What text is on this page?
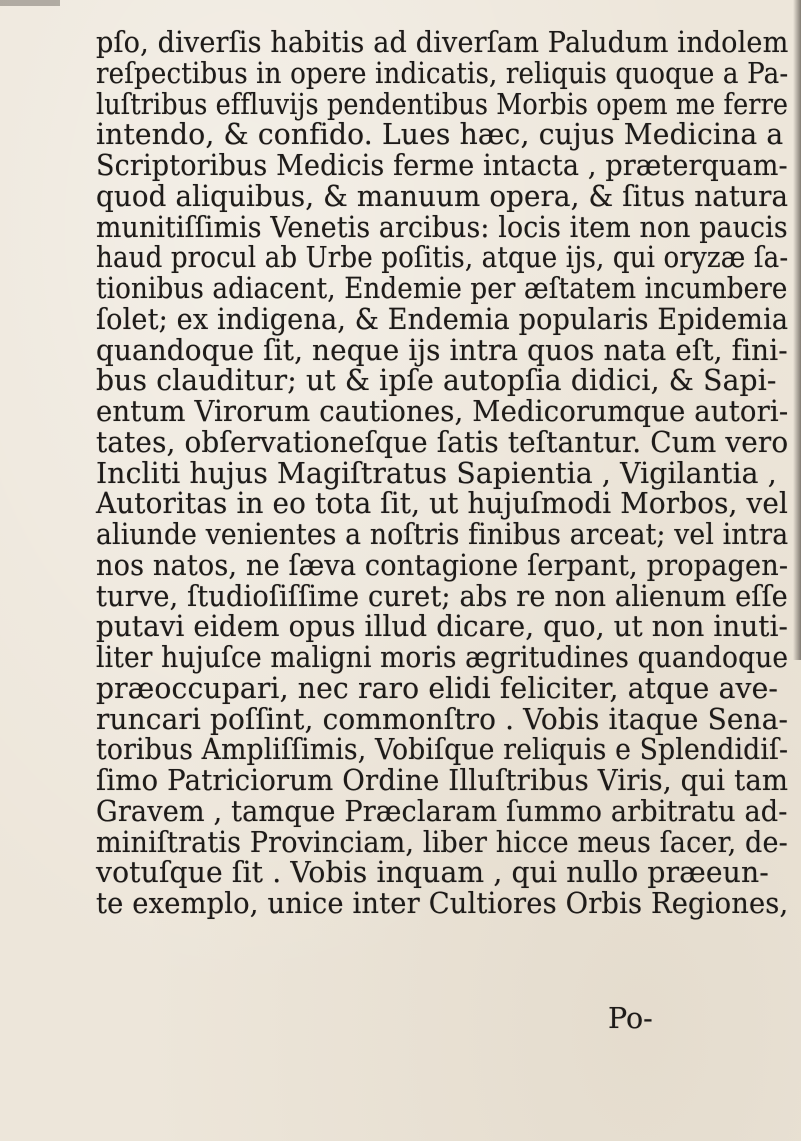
pſo, diverſis habitis ad diverſam Paludum indolem
reſpectibus in opere indicatis, reliquis quoque a Pa-
luſtribus effluvijs pendentibus Morbis opem me ferre
intendo, & confido. Lues hæc, cujus Medicina a
Scriptoribus Medicis ferme intacta , præterquam-
quod aliquibus, & manuum opera, & ſitus natura
munitiſſimis Venetis arcibus: locis item non paucis
haud procul ab Urbe poſitis, atque ijs, qui oryzæ ſa-
tionibus adiacent, Endemie per æſtatem incumbere
ſolet; ex indigena, & Endemia popularis Epidemia
quandoque ſit, neque ijs intra quos nata eſt, fini-
bus clauditur; ut & ipſe autopſia didici, & Sapi-
entum Virorum cautiones, Medicorumque autori-
tates, obſervationeſque ſatis teſtantur. Cum vero
Incliti hujus Magiſtratus Sapientia , Vigilantia ,
Autoritas in eo tota ſit, ut hujuſmodi Morbos, vel
aliunde venientes a noſtris finibus arceat; vel intra
nos natos, ne ſæva contagione ſerpant, propagen-
turve, ſtudioſiſſime curet; abs re non alienum eſſe
putavi eidem opus illud dicare, quo, ut non inuti-
liter hujuſce maligni moris ægritudines quandoque
præoccupari, nec raro elidi feliciter, atque ave-
runcari poſſint, commonſtro . Vobis itaque Sena-
toribus Ampliſſimis, Vobiſque reliquis e Splendidiſ-
ſimo Patriciorum Ordine Illuſtribus Viris, qui tam
Gravem , tamque Præclaram ſummo arbitratu ad-
miniſtratis Provinciam, liber hicce meus ſacer, de-
votuſque ſit . Vobis inquam , qui nullo præeun-
te exemplo, unice inter Cultiores Orbis Regiones,
Po-
